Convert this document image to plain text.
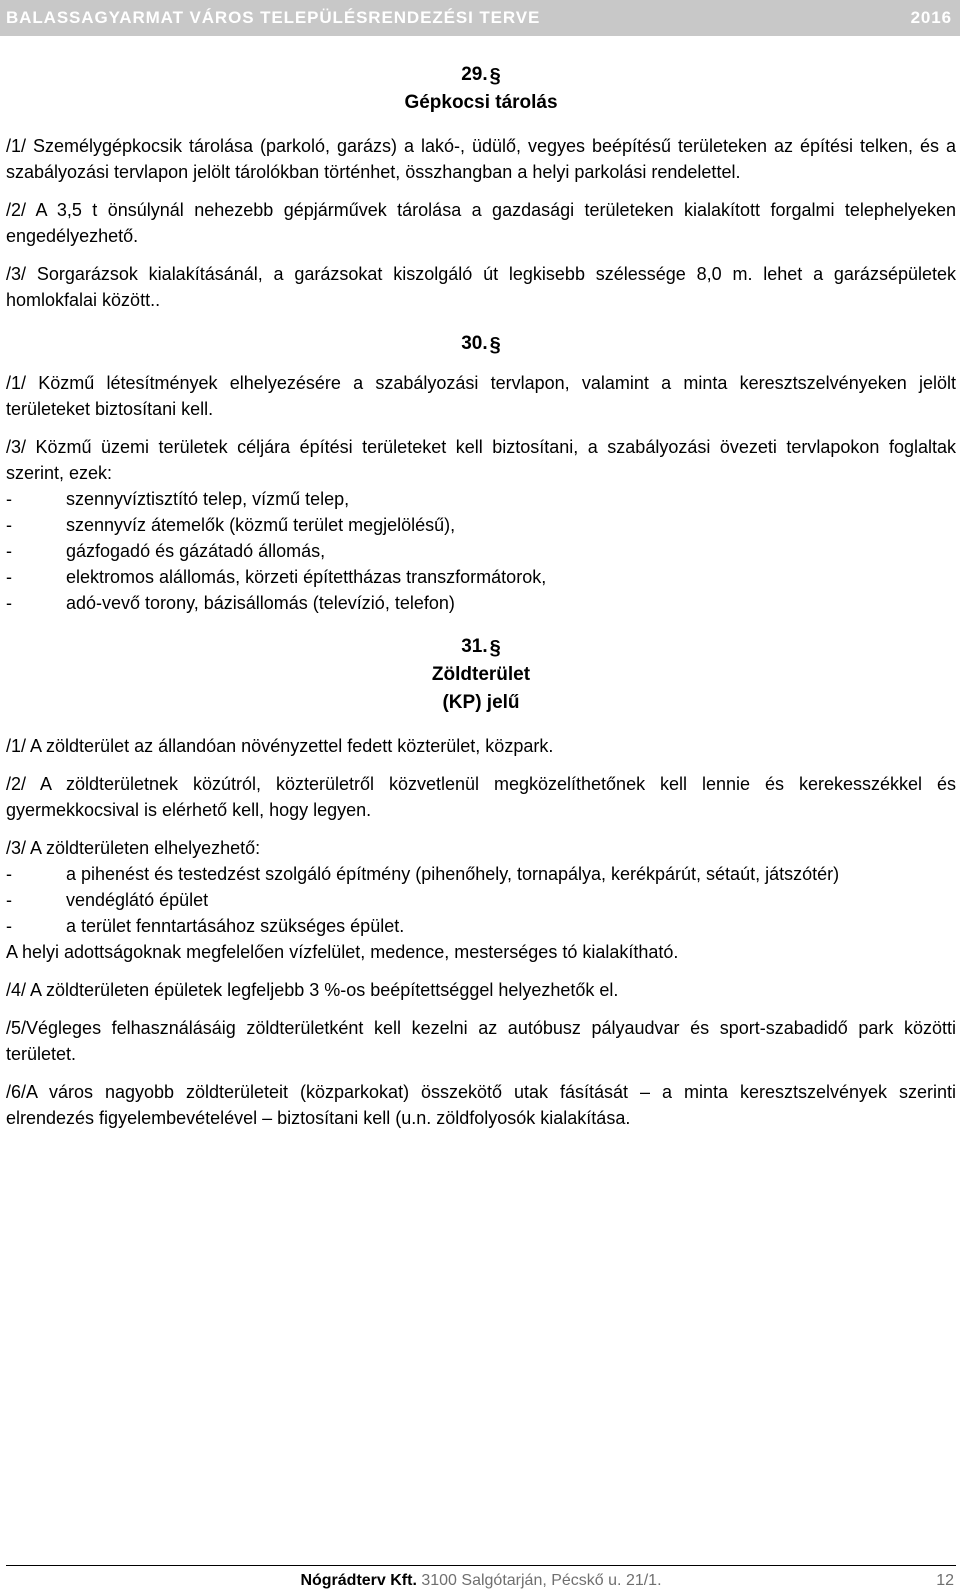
BALASSAGYARMAT VÁROS TELEPÜLÉSRENDEZÉSI TERVE	2016
29. §
Gépkocsi tárolás

/1/ Személygépkocsik tárolása (parkoló, garázs) a lakó-, üdülő, vegyes beépítésű területeken az építési telken, és a szabályozási tervlapon jelölt tárolókban történhet, összhangban a helyi parkolási rendelettel.

/2/ A 3,5 t önsúlynál nehezebb gépjárművek tárolása a gazdasági területeken kialakított forgalmi telephelyeken engedélyezhető.

/3/ Sorgarázsok kialakításánál, a garázsokat kiszolgáló út legkisebb szélessége 8,0 m. lehet a garázsépületek homlokfalai között..

30. §

/1/ Közmű létesítmények elhelyezésére a szabályozási tervlapon, valamint a minta keresztszelvényeken jelölt területeket biztosítani kell.

/3/ Közmű üzemi területek céljára építési területeket kell biztosítani, a szabályozási övezeti tervlapokon foglaltak szerint, ezek:

-	szennyvíztisztító telep, vízmű telep,
-	szennyvíz átemelők (közmű terület megjelölésű),
-	gázfogadó és gázátadó állomás,
-	elektromos alállomás, körzeti építettházas transzformátorok,
-	adó-vevő torony, bázisállomás (televízió, telefon)
31. §
Zöldterület
(KP) jelű

/1/ A zöldterület az állandóan növényzettel fedett közterület, közpark.

/2/ A zöldterületnek közútról, közterületről közvetlenül megközelíthetőnek kell lennie és kerekesszékkel és gyermekkocsival is elérhető kell, hogy legyen.

/3/ A zöldterületen elhelyezhető:

-	a pihenést és testedzést szolgáló építmény (pihenőhely, tornapálya, kerékpárút, sétaút, játszótér)
-	vendéglátó épület
-	a terület fenntartásához szükséges épület.

A helyi adottságoknak megfelelően vízfelület, medence, mesterséges tó kialakítható.

/4/ A zöldterületen épületek legfeljebb 3 %-os beépítettséggel helyezhetők el.

/5/Végleges felhasználásáig zöldterületként kell kezelni az autóbusz pályaudvar és sport-szabadidő park közötti területet.

/6/A város nagyobb zöldterületeit (közparkokat) összekötő utak fásítását – a minta keresztszelvények szerinti elrendezés figyelembevételével – biztosítani kell (u.n. zöldfolyosók kialakítása.

Nógrádterv Kft. 3100 Salgótarján, Pécskő u. 21/1.	12
